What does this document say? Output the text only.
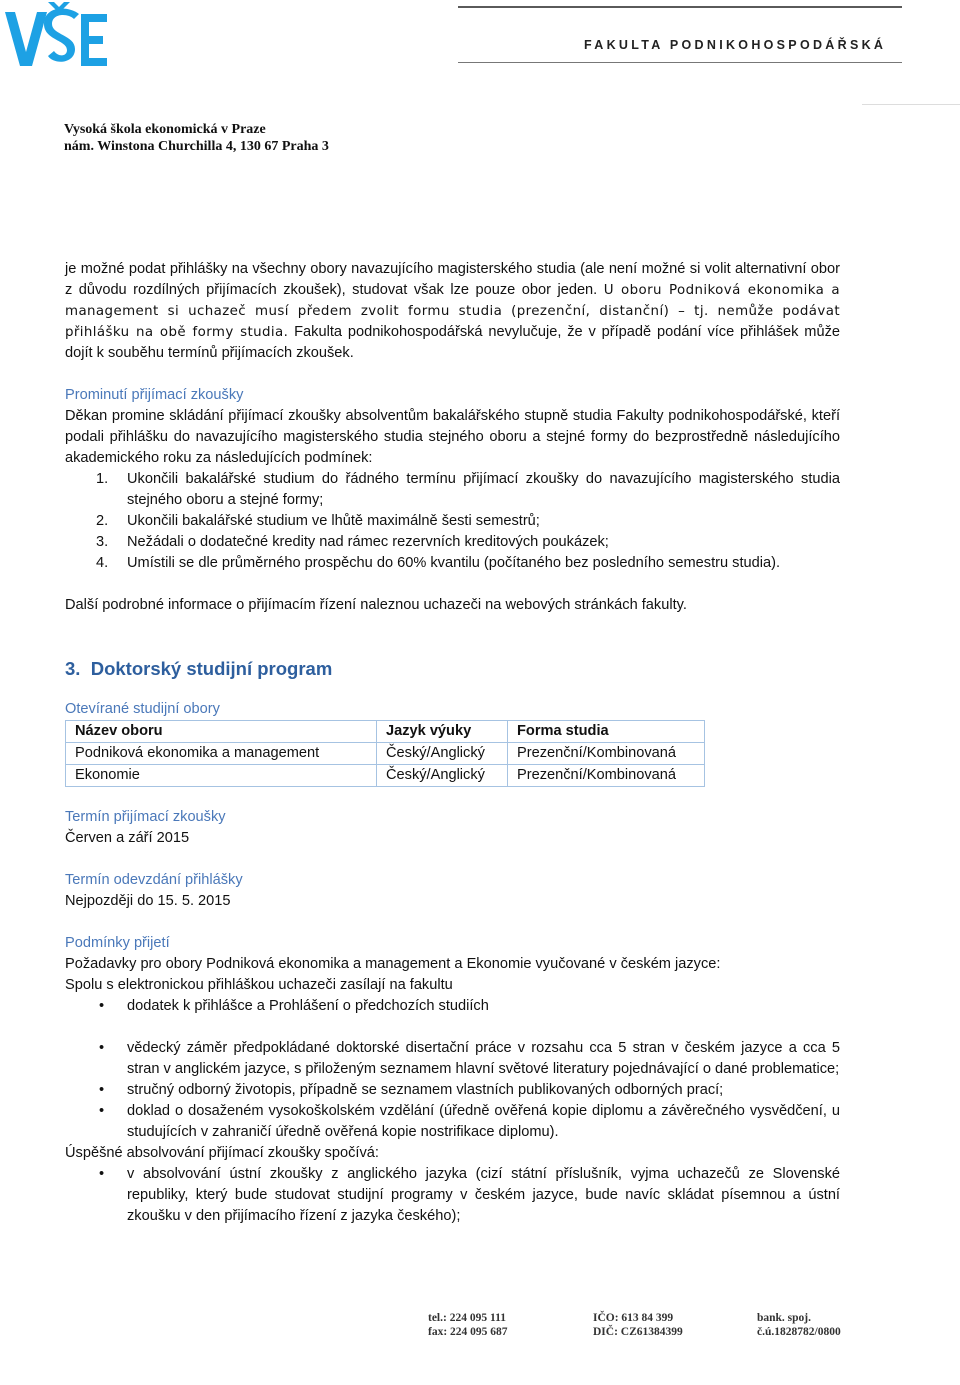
FAKULTA PODNIKOHOSPODÁŘSKÁ
Vysoká škola ekonomická v Praze
nám. Winstona Churchilla 4, 130 67 Praha 3

je možné podat přihlášky na všechny obory navazujícího magisterského studia (ale není možné si volit alternativní obor z důvodu rozdílných přijímacích zkoušek), studovat však lze pouze obor jeden. U oboru Podniková ekonomika a management si uchazeč musí předem zvolit formu studia (prezenční, distanční) – tj. nemůže podávat přihlášku na obě formy studia. Fakulta podnikohospodářská nevylučuje, že v případě podání více přihlášek může dojít k souběhu termínů přijímacích zkoušek.

Prominutí přijímací zkoušky

Děkan promine skládání přijímací zkoušky absolventům bakalářského stupně studia Fakulty podnikohospodářské, kteří podali přihlášku do navazujícího magisterského studia stejného oboru a stejné formy do bezprostředně následujícího akademického roku za následujících podmínek:

1.	Ukončili bakalářské studium do řádného termínu přijímací zkoušky do navazujícího magisterského studia stejného oboru a stejné formy;
2.	Ukončili bakalářské studium ve lhůtě maximálně šesti semestrů;
3.	Nežádali o dodatečné kredity nad rámec rezervních kreditových poukázek;
4.	Umístili se dle průměrného prospěchu do 60% kvantilu (počítaného bez posledního semestru studia).

Další podrobné informace o přijímacím řízení naleznou uchazeči na webových stránkách fakulty.

3. Doktorský studijní program

Otevírané studijní obory

Název oboru	Jazyk výuky	Forma studia
Podniková ekonomika a management	Český/Anglický	Prezenční/Kombinovaná
Ekonomie	Český/Anglický	Prezenční/Kombinovaná

Termín přijímací zkoušky

Červen a září 2015

Termín odevzdání přihlášky

Nejpozději do 15. 5. 2015

Podmínky přijetí

Požadavky pro obory Podniková ekonomika a management a Ekonomie vyučované v českém jazyce:

Spolu s elektronickou přihláškou uchazeči zasílají na fakultu

•	dodatek k přihlášce a Prohlášení o předchozích studiích
•	vědecký záměr předpokládané doktorské disertační práce v rozsahu cca 5 stran v českém jazyce a cca 5 stran v anglickém jazyce, s přiloženým seznamem hlavní světové literatury pojednávající o dané problematice;
•	stručný odborný životopis, případně se seznamem vlastních publikovaných odborných prací;
•	doklad o dosaženém vysokoškolském vzdělání (úředně ověřená kopie diplomu a závěrečného vysvědčení, u studujících v zahraničí úředně ověřená kopie nostrifikace diplomu).

Úspěšné absolvování přijímací zkoušky spočívá:

•	v absolvování ústní zkoušky z anglického jazyka (cizí státní příslušník, vyjma uchazečů ze Slovenské republiky, který bude studovat studijní programy v českém jazyce, bude navíc skládat písemnou a ústní zkoušku v den přijímacího řízení z jazyka českého);
tel.: 224 095 111
fax: 224 095 687
IČO: 613 84 399
DIČ: CZ61384399
bank. spoj.
č.ú.1828782/0800
